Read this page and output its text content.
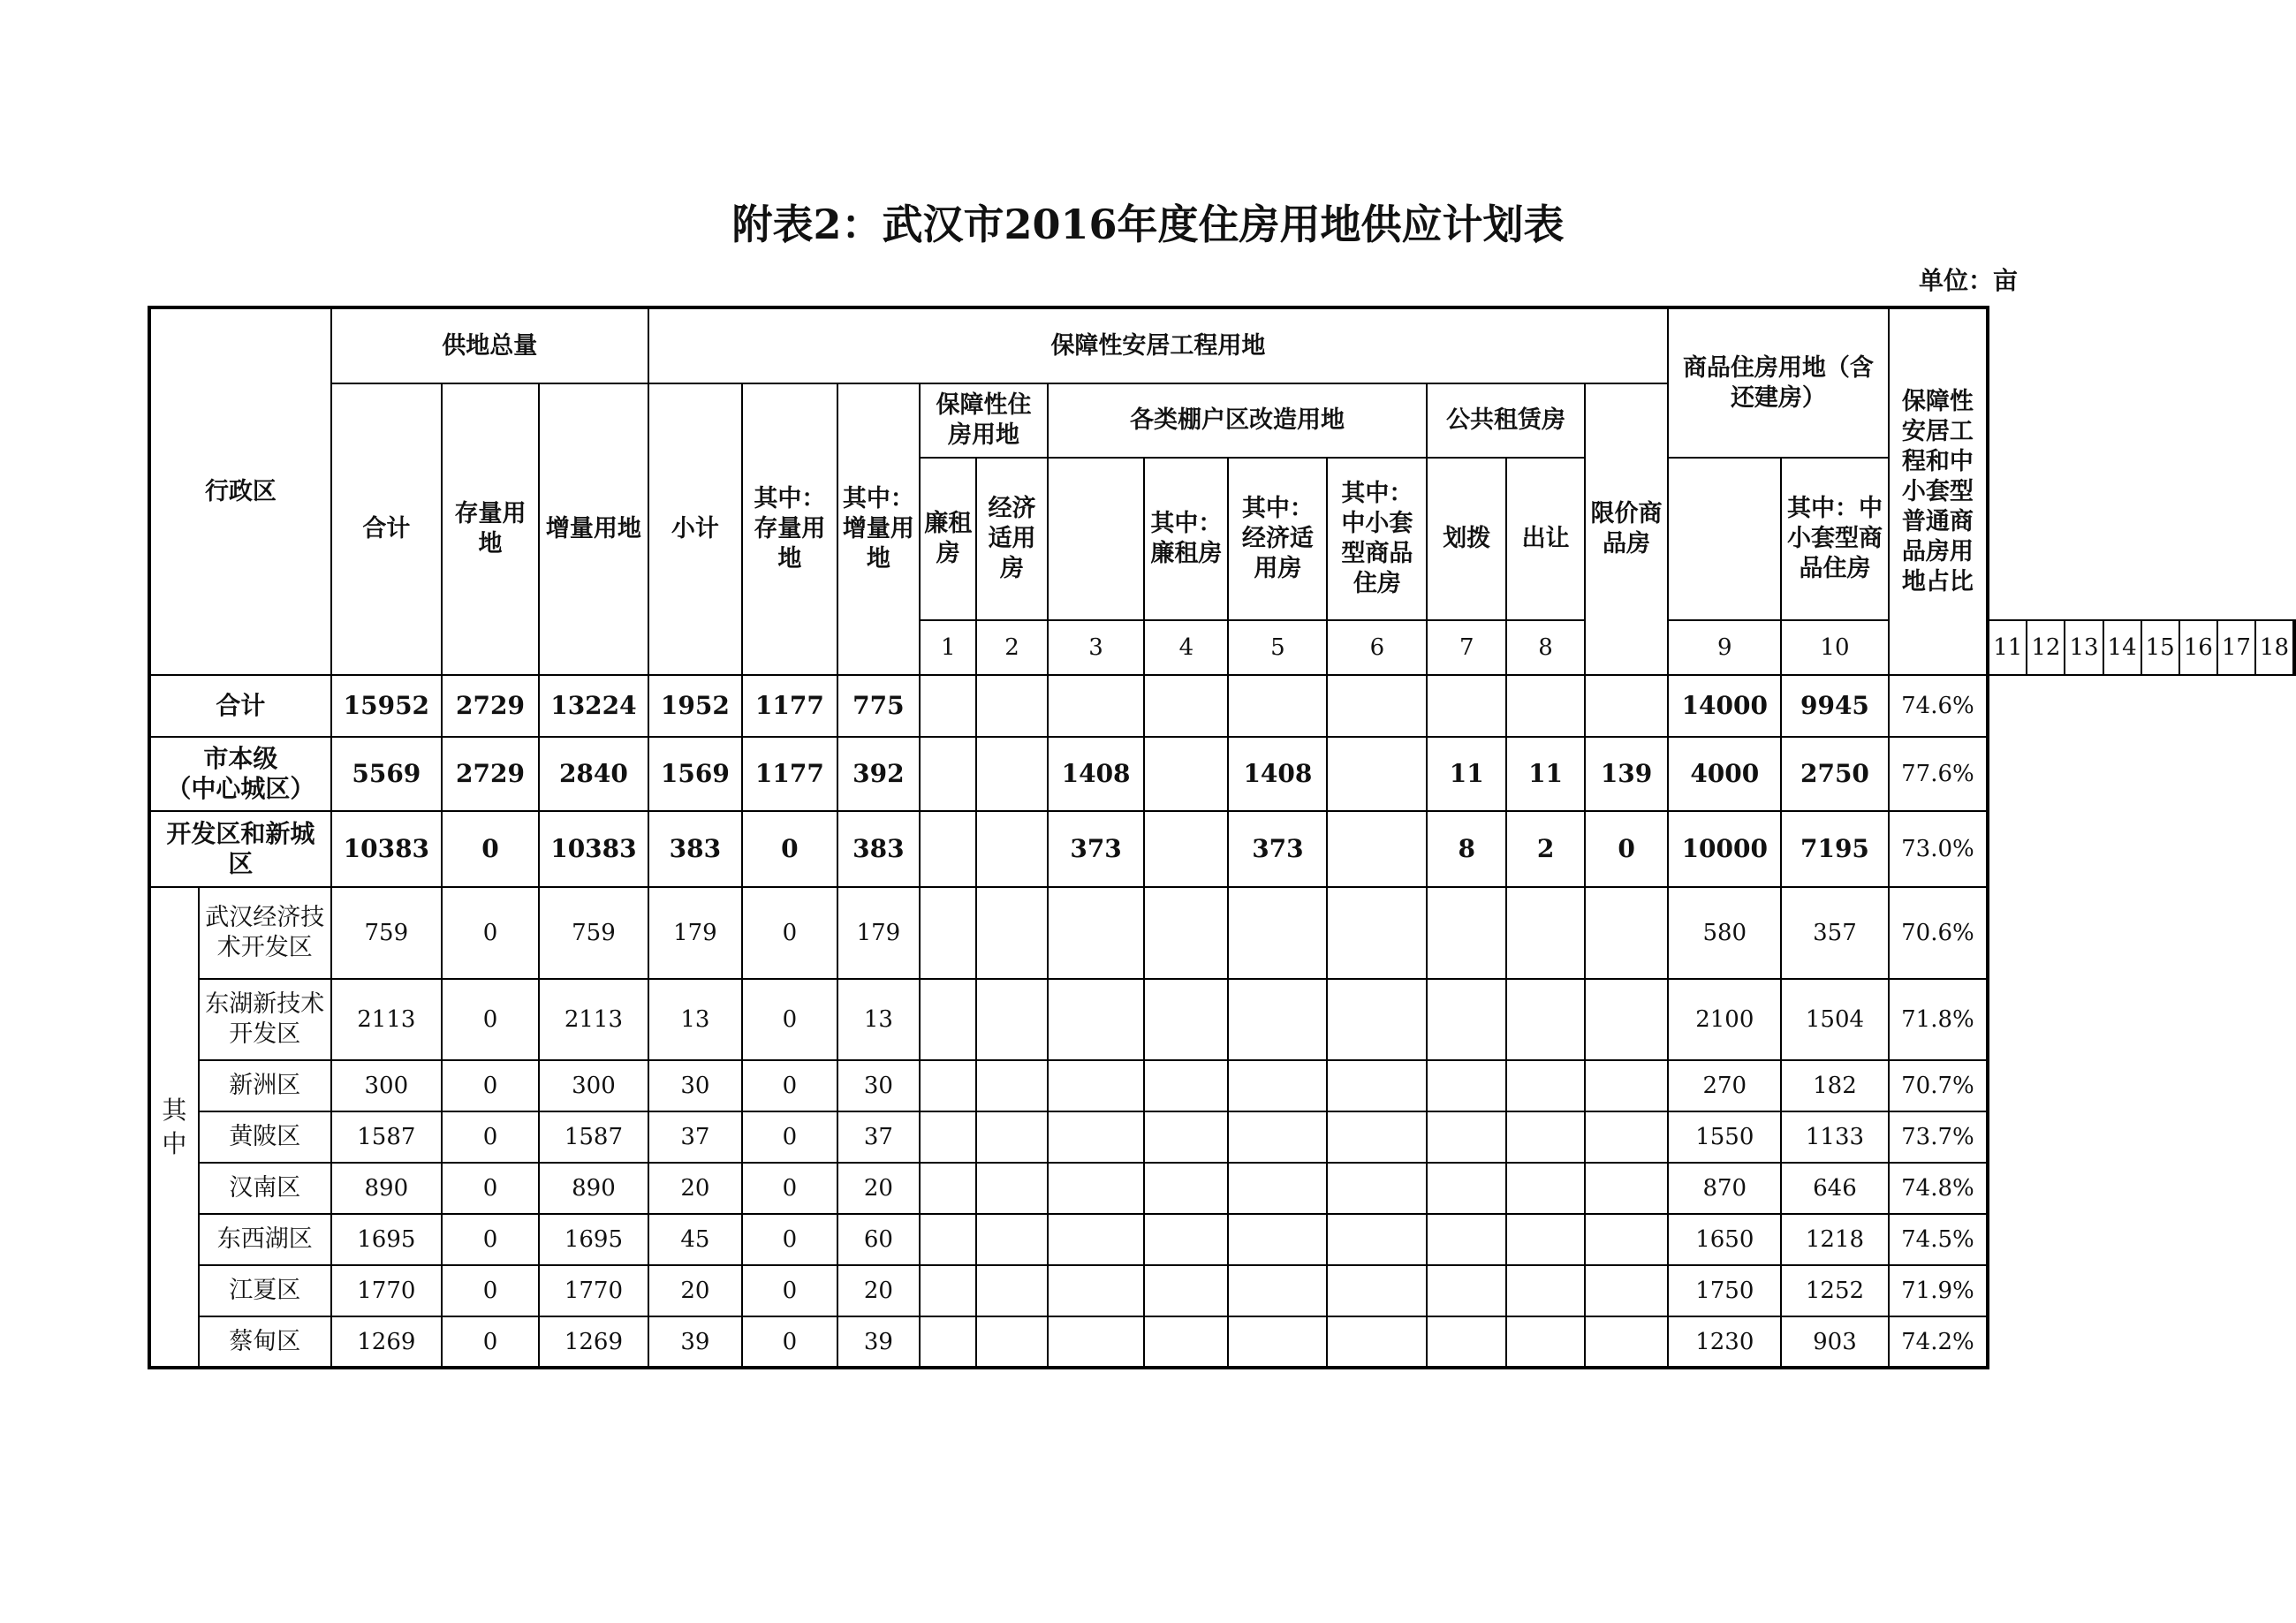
附表2：武汉市2016年度住房用地供应计划表
单位：亩
行政区		供地总量			保障性安居工程用地												商品住房用地（含还建房）		保障性安居工程和中小套型普通商品房用地占比								
		合计	存量用地	增量用地	小计	其中：存量用地	其中：增量用地	保障性住房用地		各类棚户区改造用地				公共租赁房		限价商品房											
								廉租房	经济适用房		其中：廉租房	其中：经济适用房	其中：中小套型商品住房	划拨	出让			其中：中小套型商品住房									
								1	2	3	4	5	6	7	8		9	10		11	12	13	14	15	16	17	18
合计		15952	2729	13224	1952	1177	775										14000	9945	74.6%								
市本级
（中心城区）		5569	2729	2840	1569	1177	392			1408		1408		11	11	139	4000	2750	77.6%								
开发区和新城区		10383	0	10383	383	0	383			373		373		8	2	0	10000	7195	73.0%								
其中	武汉经济技术开发区	759	0	759	179	0	179										580	357	70.6%								
	东湖新技术开发区	2113	0	2113	13	0	13										2100	1504	71.8%								
	新洲区	300	0	300	30	0	30										270	182	70.7%								
	黄陂区	1587	0	1587	37	0	37										1550	1133	73.7%								
	汉南区	890	0	890	20	0	20										870	646	74.8%								
	东西湖区	1695	0	1695	45	0	60										1650	1218	74.5%								
	江夏区	1770	0	1770	20	0	20										1750	1252	71.9%								
	蔡甸区	1269	0	1269	39	0	39										1230	903	74.2%								
